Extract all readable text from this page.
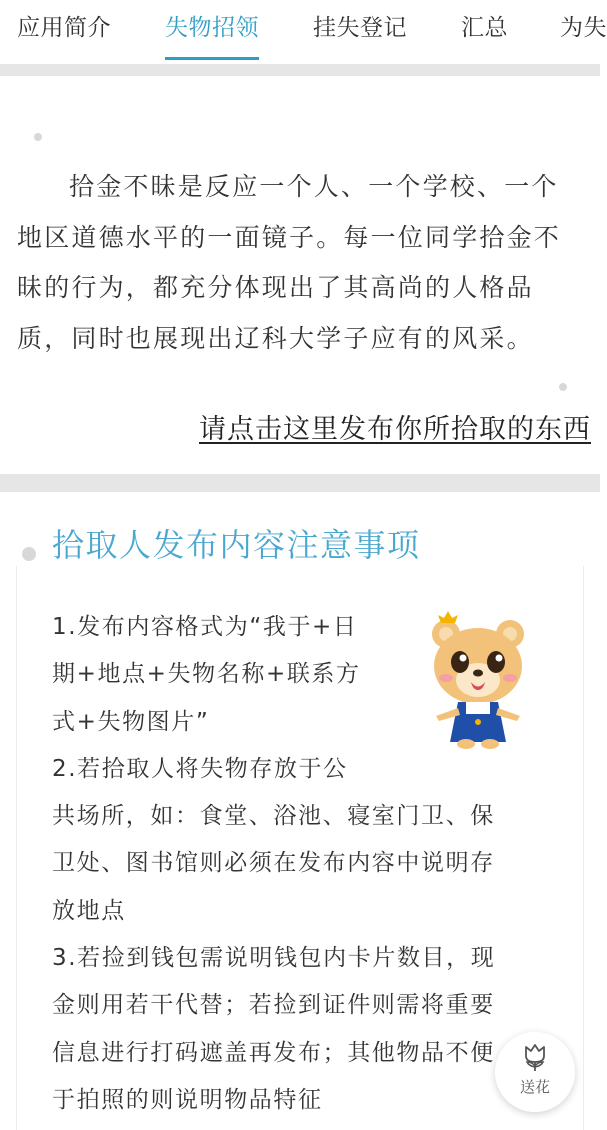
应用简介 失物招领 挂失登记 汇总 为失

拾金不昧是反应一个人、一个学校、一个地区道德水平的一面镜子。每一位同学拾金不昧的行为，都充分体现出了其高尚的人格品质，同时也展现出辽科大学子应有的风采。

请点击这里发布你所拾取的东西
拾取人发布内容注意事项
1.发布内容格式为“我于+日
期+地点+失物名称+联系方
式+失物图片”
2.若拾取人将失物存放于公
共场所，如：食堂、浴池、寝室门卫、保
卫处、图书馆则必须在发布内容中说明存
放地点
3.若捡到钱包需说明钱包内卡片数目，现
金则用若干代替；若捡到证件则需将重要
信息进行打码遮盖再发布；其他物品不便
于拍照的则说明物品特征	送花
